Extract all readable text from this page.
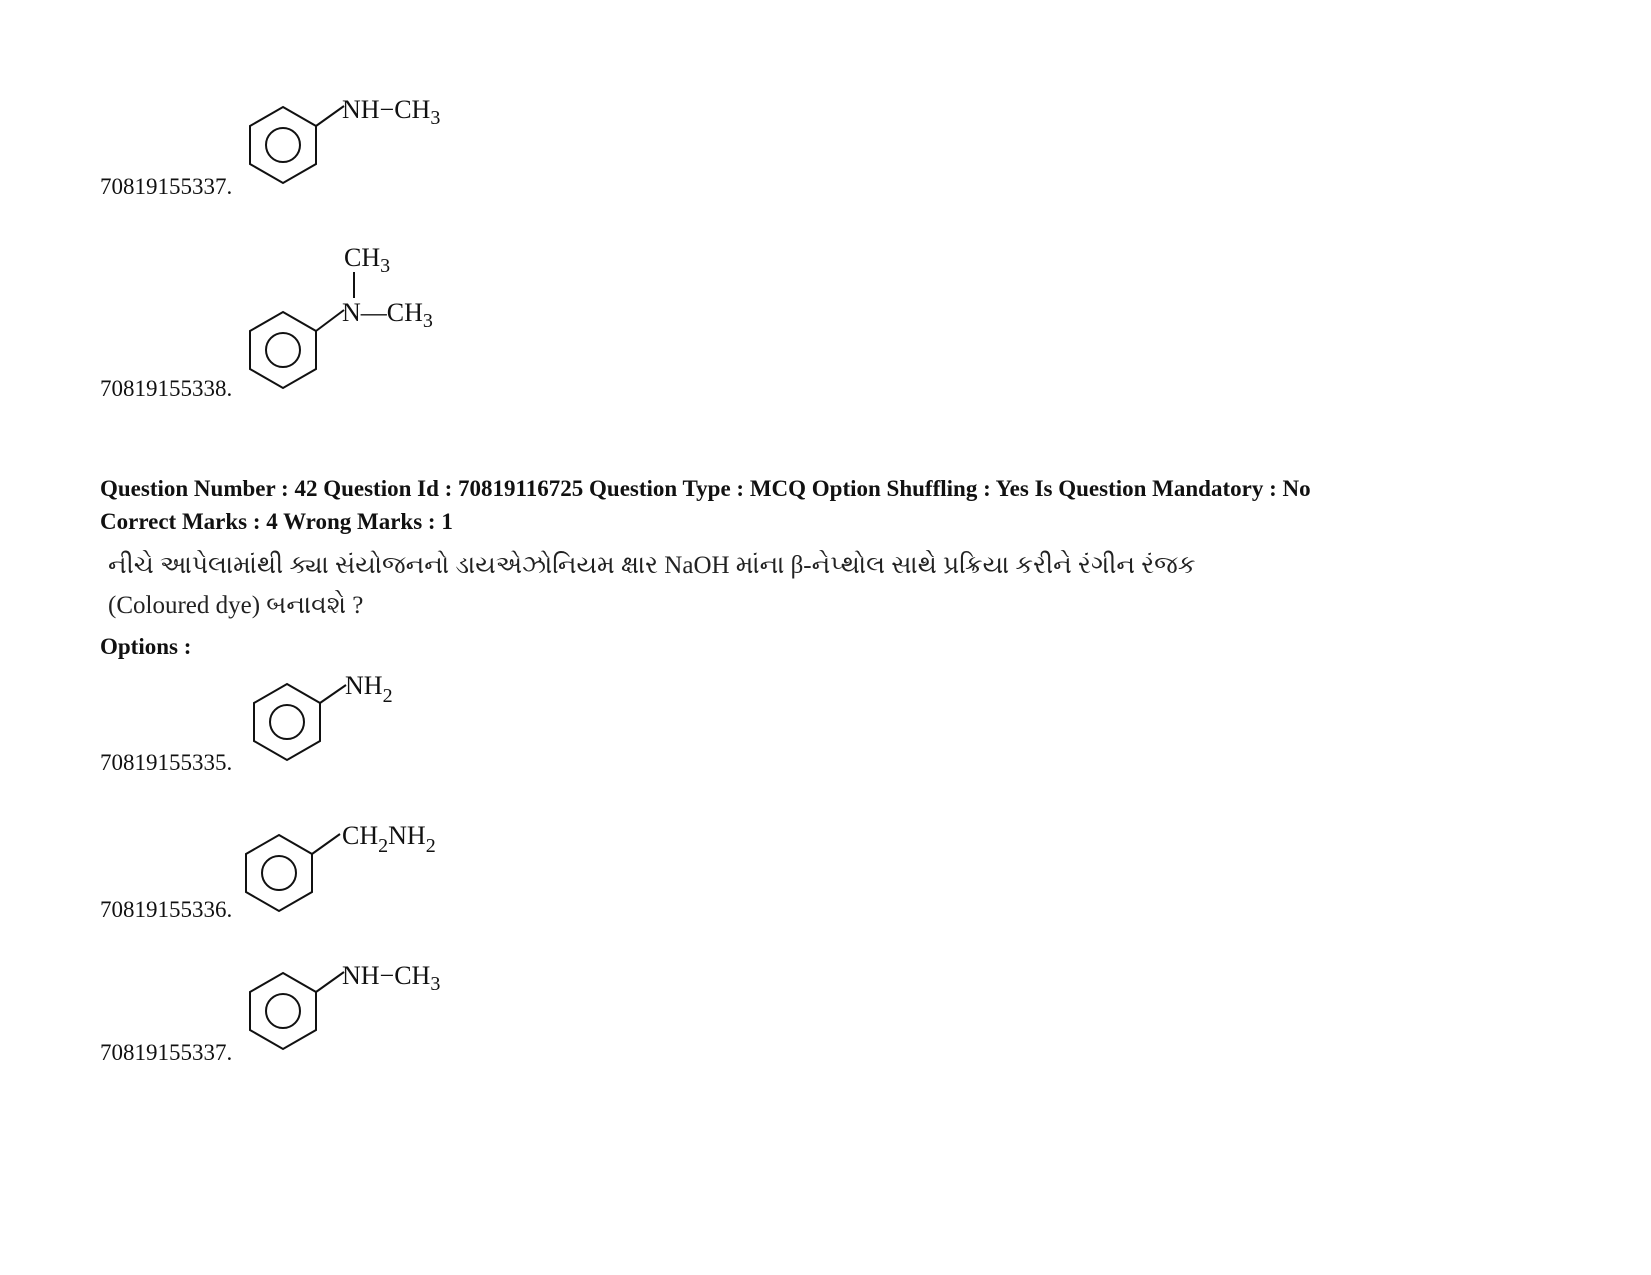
70819155337.
$NH-CH_3$
70819155338.
$CH_3$
$N—CH_3$
Question Number : 42 Question Id : 70819116725 Question Type : MCQ Option Shuffling : Yes Is Question Mandatory : No
Correct Marks : 4 Wrong Marks : 1
નીચે આપેલામાંથી ક્યા સંયોજનનો ડાયએઝોનિયમ ક્ષાર NaOH માંના β-નેપ્થોલ સાથે પ્રક્રિયા કરીને રંગીન રંજક
(Coloured dye) બનાવશે ?
Options :
70819155335.
$NH_2$
70819155336.
$CH_2NH_2$
70819155337.
$NH-CH_3$
